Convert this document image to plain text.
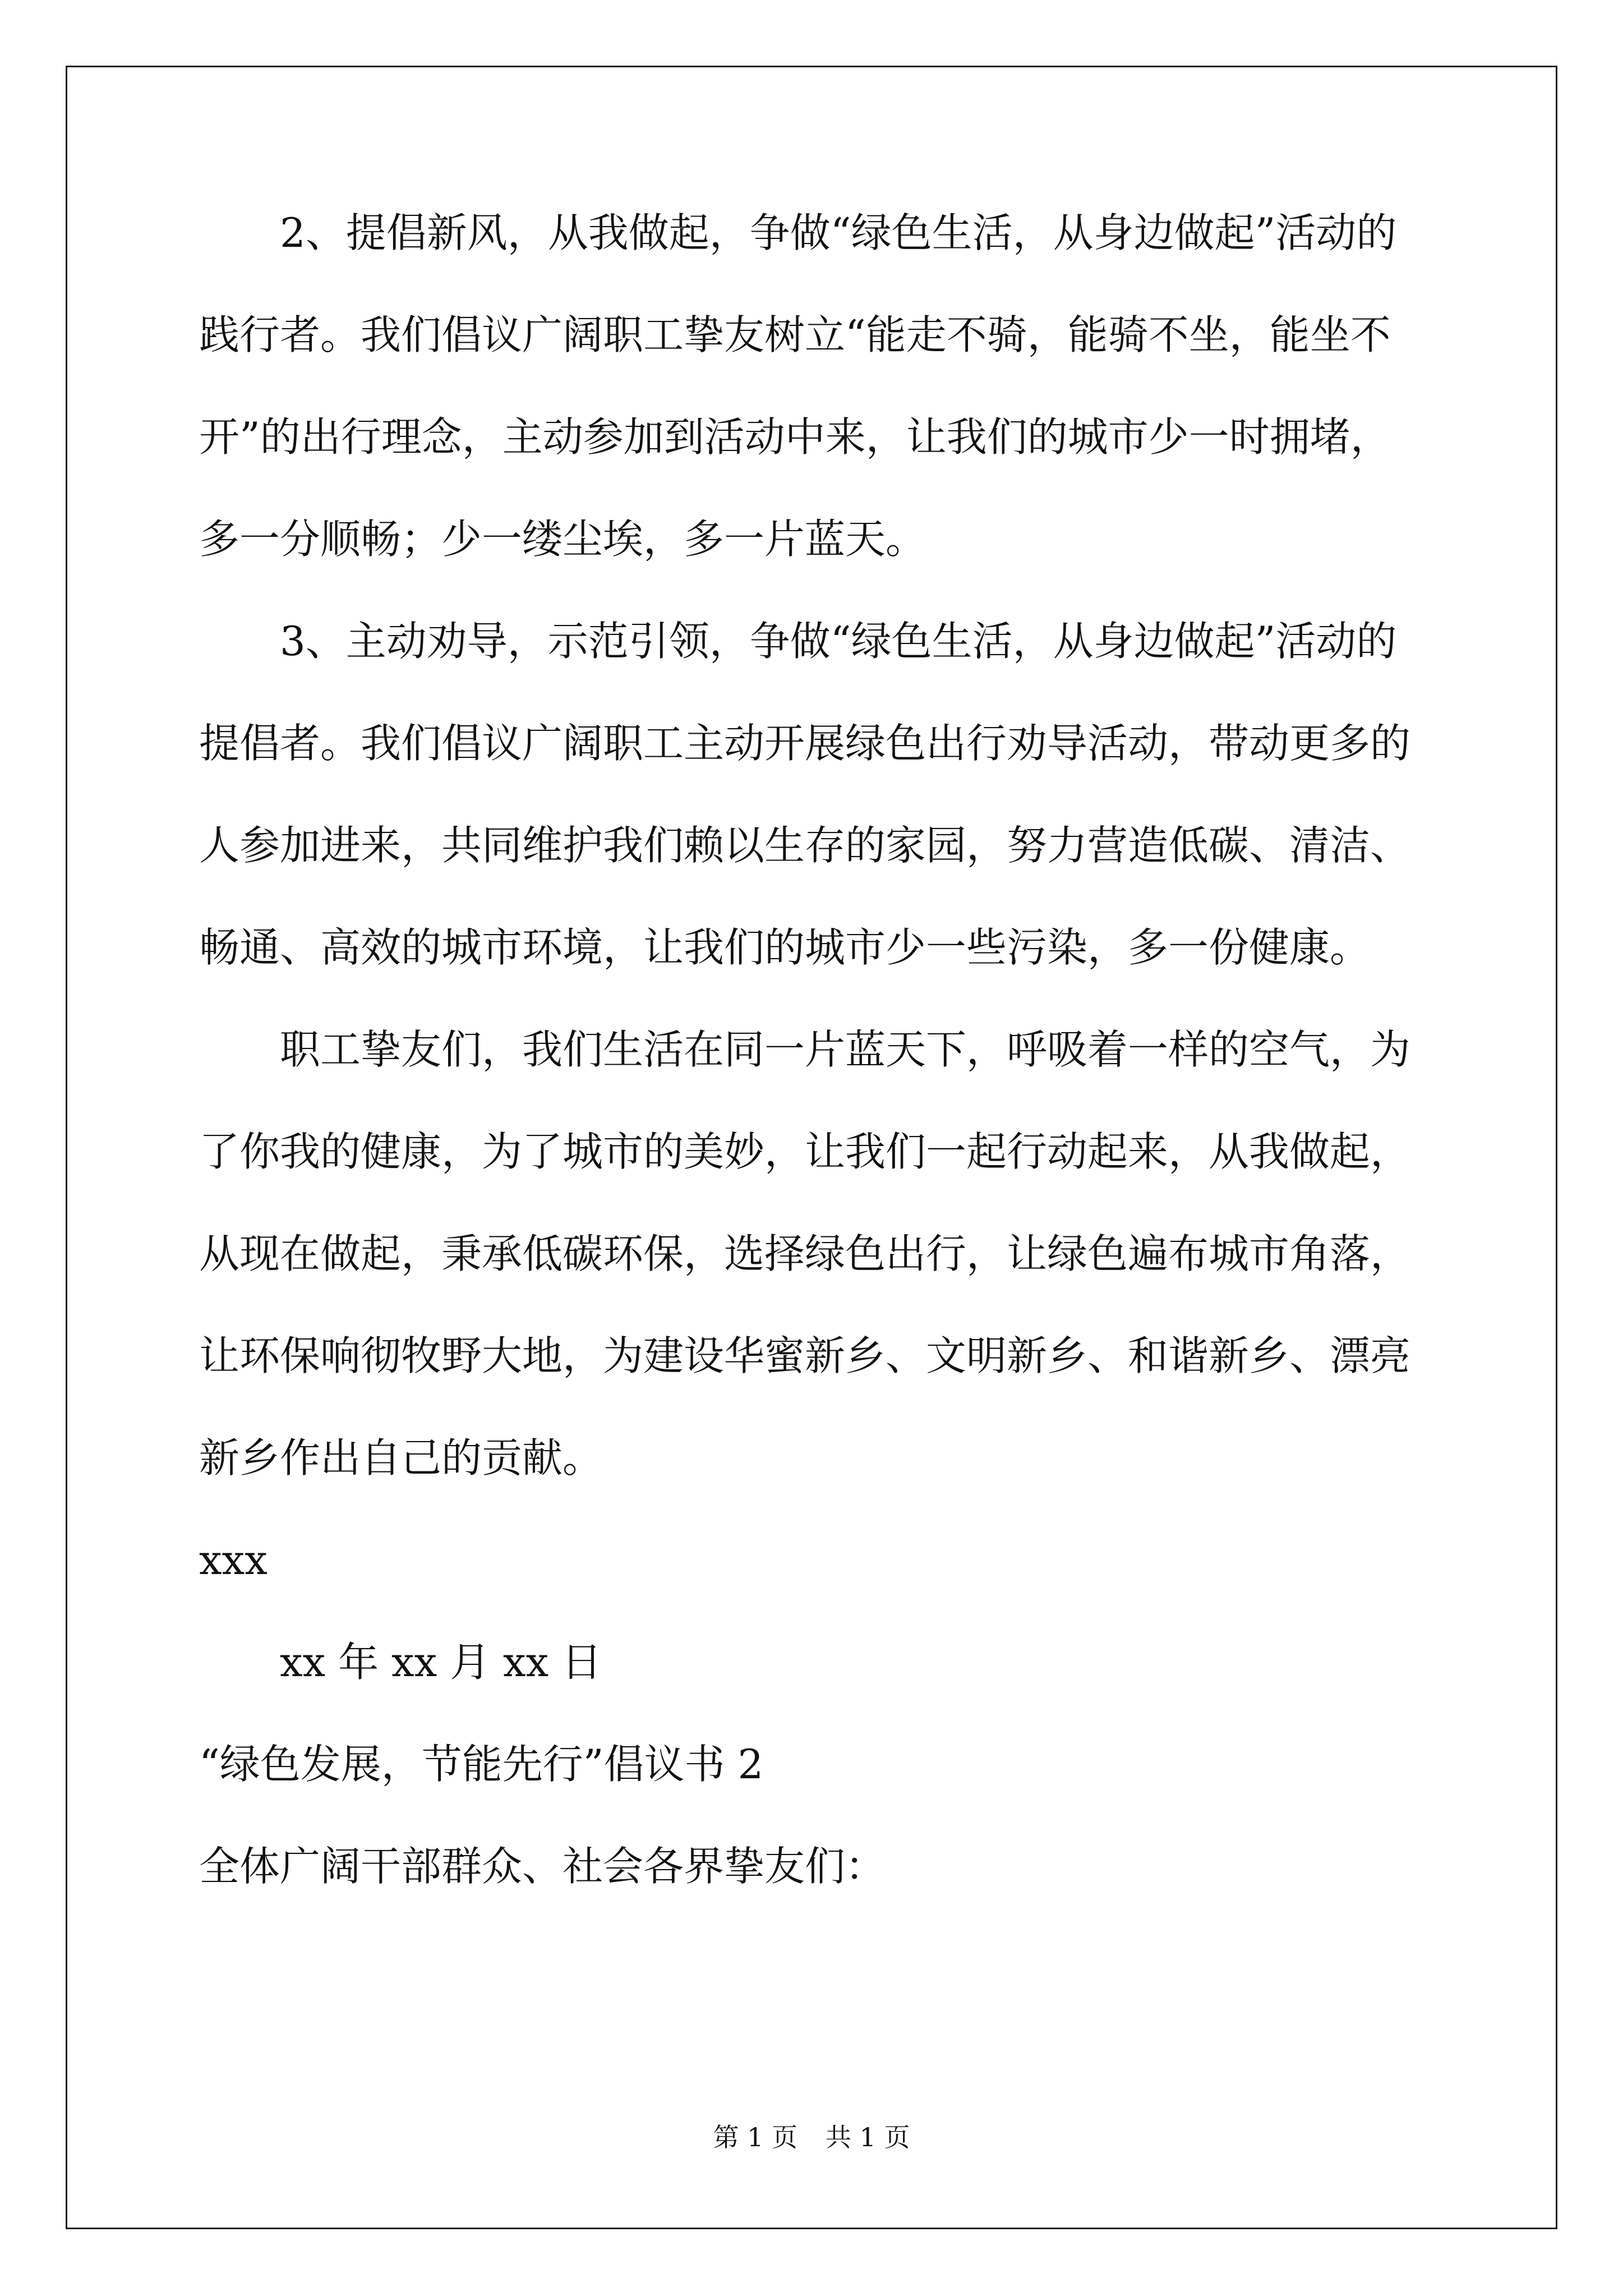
2、提倡新风，从我做起，争做“绿色生活，从身边做起”活动的
践行者。我们倡议广阔职工挚友树立“能走不骑，能骑不坐，能坐不
开”的出行理念，主动参加到活动中来，让我们的城市少一时拥堵，
多一分顺畅；少一缕尘埃，多一片蓝天。
3、主动劝导，示范引领，争做“绿色生活，从身边做起”活动的
提倡者。我们倡议广阔职工主动开展绿色出行劝导活动，带动更多的
人参加进来，共同维护我们赖以生存的家园，努力营造低碳、清洁、
畅通、高效的城市环境，让我们的城市少一些污染，多一份健康。
职工挚友们，我们生活在同一片蓝天下，呼吸着一样的空气，为
了你我的健康，为了城市的美妙，让我们一起行动起来，从我做起，
从现在做起，秉承低碳环保，选择绿色出行，让绿色遍布城市角落，
让环保响彻牧野大地，为建设华蜜新乡、文明新乡、和谐新乡、漂亮
新乡作出自己的贡献。
xxx
xx 年 xx 月 xx 日
“绿色发展，节能先行”倡议书 2
全体广阔干部群众、社会各界挚友们：
第 1 页 共 1 页
